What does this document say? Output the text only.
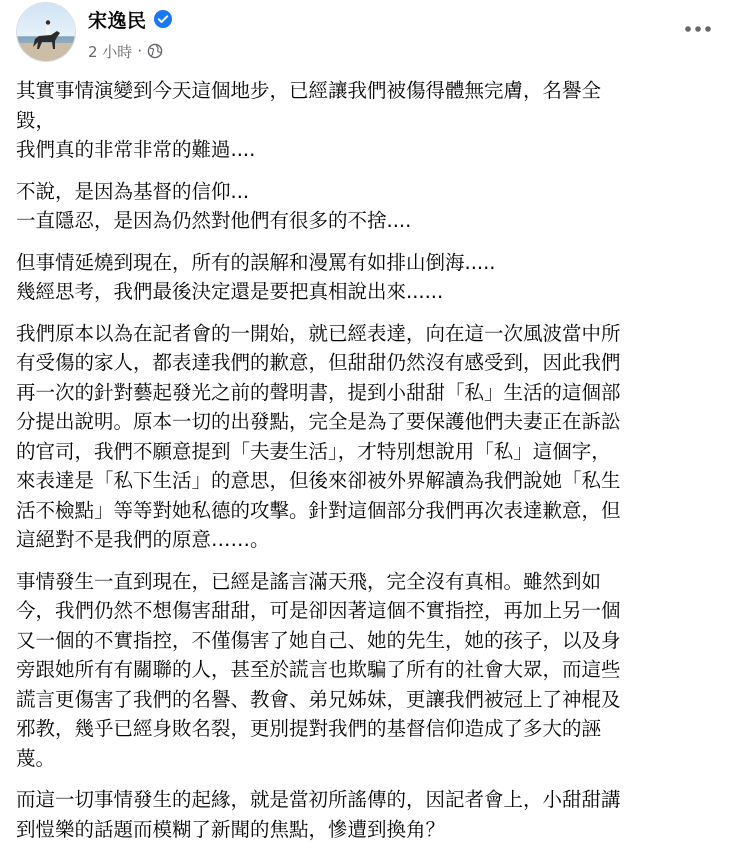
宋逸民
2 小時 ·
其實事情演變到今天這個地步，已經讓我們被傷得體無完膚，名譽全
毀，
我們真的非常非常的難過....
不說，是因為基督的信仰...
一直隱忍，是因為仍然對他們有很多的不捨....
但事情延燒到現在，所有的誤解和漫罵有如排山倒海.....
幾經思考，我們最後決定還是要把真相說出來......
我們原本以為在記者會的一開始，就已經表達，向在這一次風波當中所
有受傷的家人，都表達我們的歉意，但甜甜仍然沒有感受到，因此我們
再一次的針對藝起發光之前的聲明書，提到小甜甜「私」生活的這個部
分提出說明。原本一切的出發點，完全是為了要保護他們夫妻正在訴訟
的官司，我們不願意提到「夫妻生活」，才特別想說用「私」這個字，
來表達是「私下生活」的意思，但後來卻被外界解讀為我們說她「私生
活不檢點」等等對她私德的攻擊。針對這個部分我們再次表達歉意，但
這絕對不是我們的原意……。
事情發生一直到現在，已經是謠言滿天飛，完全沒有真相。雖然到如
今，我們仍然不想傷害甜甜，可是卻因著這個不實指控，再加上另一個
又一個的不實指控，不僅傷害了她自己、她的先生，她的孩子，以及身
旁跟她所有有關聯的人，甚至於謊言也欺騙了所有的社會大眾，而這些
謊言更傷害了我們的名譽、教會、弟兄姊妹，更讓我們被冠上了神棍及
邪教，幾乎已經身敗名裂，更別提對我們的基督信仰造成了多大的誣
蔑。
而這一切事情發生的起緣，就是當初所謠傳的，因記者會上，小甜甜講
到愷樂的話題而模糊了新聞的焦點，慘遭到換角？
